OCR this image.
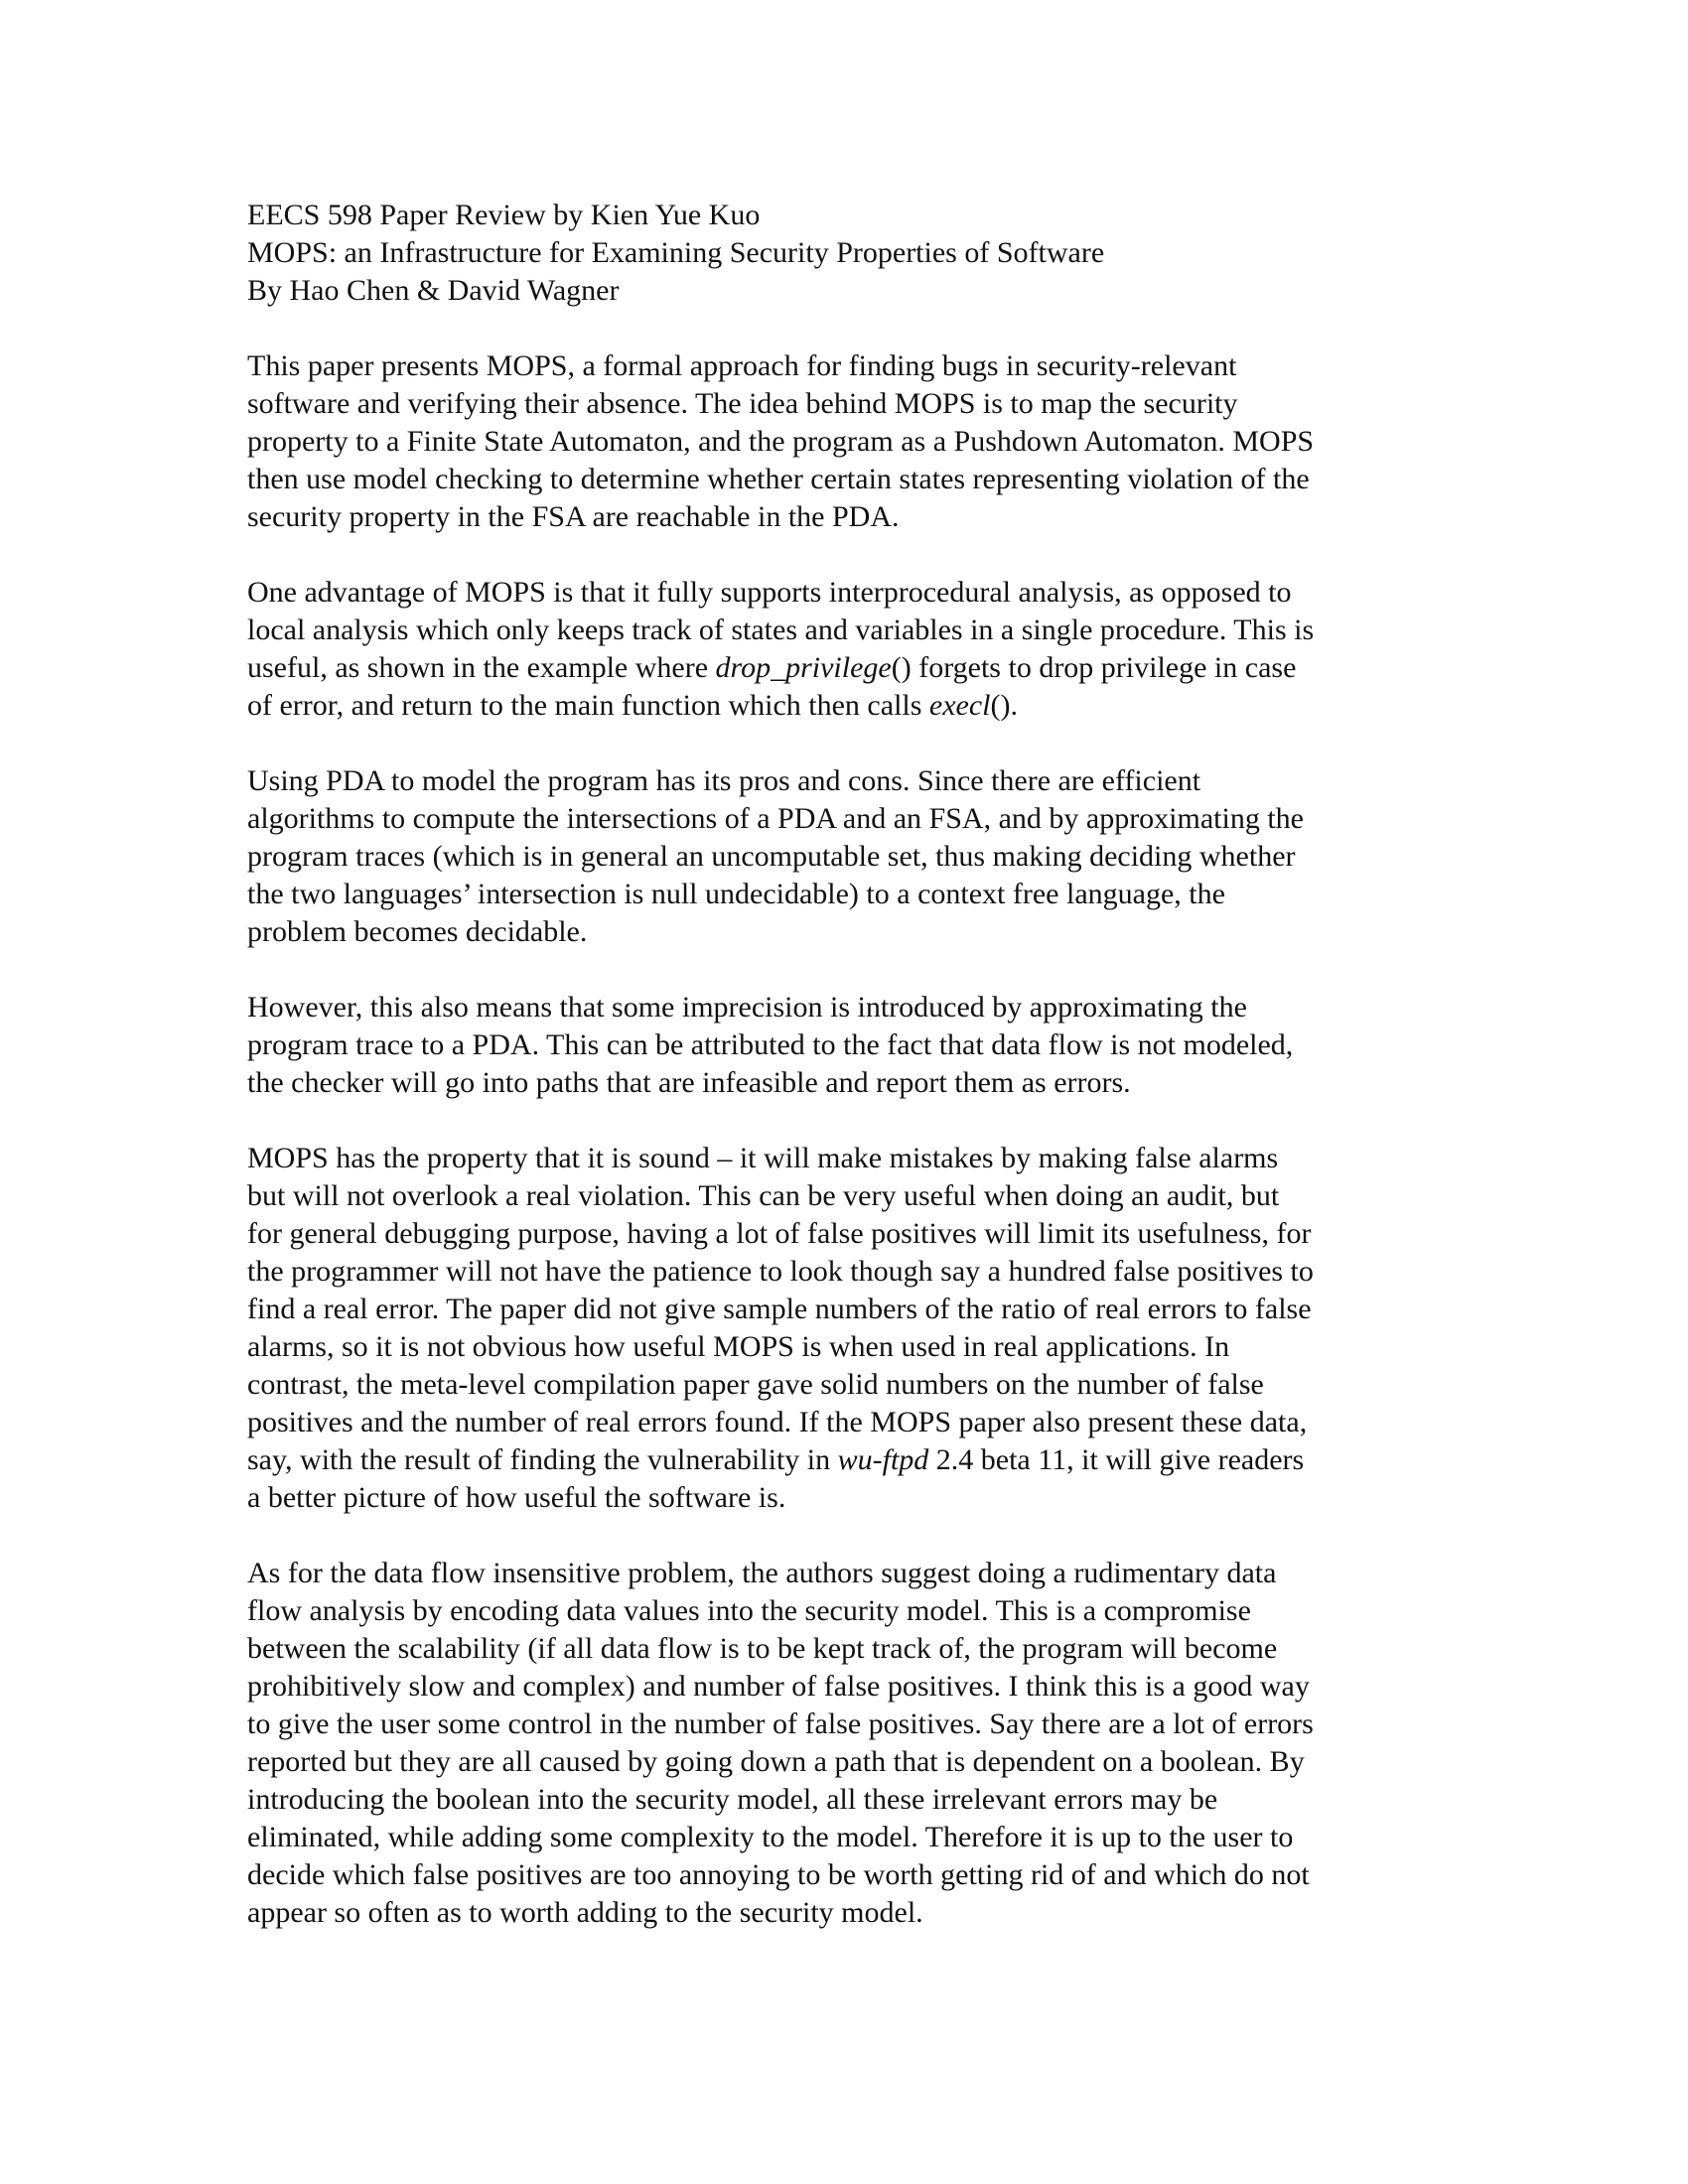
EECS 598 Paper Review by Kien Yue Kuo
MOPS: an Infrastructure for Examining Security Properties of Software
By Hao Chen & David Wagner
This paper presents MOPS, a formal approach for finding bugs in security-relevant
software and verifying their absence. The idea behind MOPS is to map the security
property to a Finite State Automaton, and the program as a Pushdown Automaton. MOPS
then use model checking to determine whether certain states representing violation of the
security property in the FSA are reachable in the PDA.
One advantage of MOPS is that it fully supports interprocedural analysis, as opposed to
local analysis which only keeps track of states and variables in a single procedure. This is
useful, as shown in the example where drop_privilege() forgets to drop privilege in case
of error, and return to the main function which then calls execl().
Using PDA to model the program has its pros and cons. Since there are efficient
algorithms to compute the intersections of a PDA and an FSA, and by approximating the
program traces (which is in general an uncomputable set, thus making deciding whether
the two languages’ intersection is null undecidable) to a context free language, the
problem becomes decidable.
However, this also means that some imprecision is introduced by approximating the
program trace to a PDA. This can be attributed to the fact that data flow is not modeled,
the checker will go into paths that are infeasible and report them as errors.
MOPS has the property that it is sound – it will make mistakes by making false alarms
but will not overlook a real violation. This can be very useful when doing an audit, but
for general debugging purpose, having a lot of false positives will limit its usefulness, for
the programmer will not have the patience to look though say a hundred false positives to
find a real error. The paper did not give sample numbers of the ratio of real errors to false
alarms, so it is not obvious how useful MOPS is when used in real applications. In
contrast, the meta-level compilation paper gave solid numbers on the number of false
positives and the number of real errors found. If the MOPS paper also present these data,
say, with the result of finding the vulnerability in wu-ftpd 2.4 beta 11, it will give readers
a better picture of how useful the software is.
As for the data flow insensitive problem, the authors suggest doing a rudimentary data
flow analysis by encoding data values into the security model. This is a compromise
between the scalability (if all data flow is to be kept track of, the program will become
prohibitively slow and complex) and number of false positives. I think this is a good way
to give the user some control in the number of false positives. Say there are a lot of errors
reported but they are all caused by going down a path that is dependent on a boolean. By
introducing the boolean into the security model, all these irrelevant errors may be
eliminated, while adding some complexity to the model. Therefore it is up to the user to
decide which false positives are too annoying to be worth getting rid of and which do not
appear so often as to worth adding to the security model.
